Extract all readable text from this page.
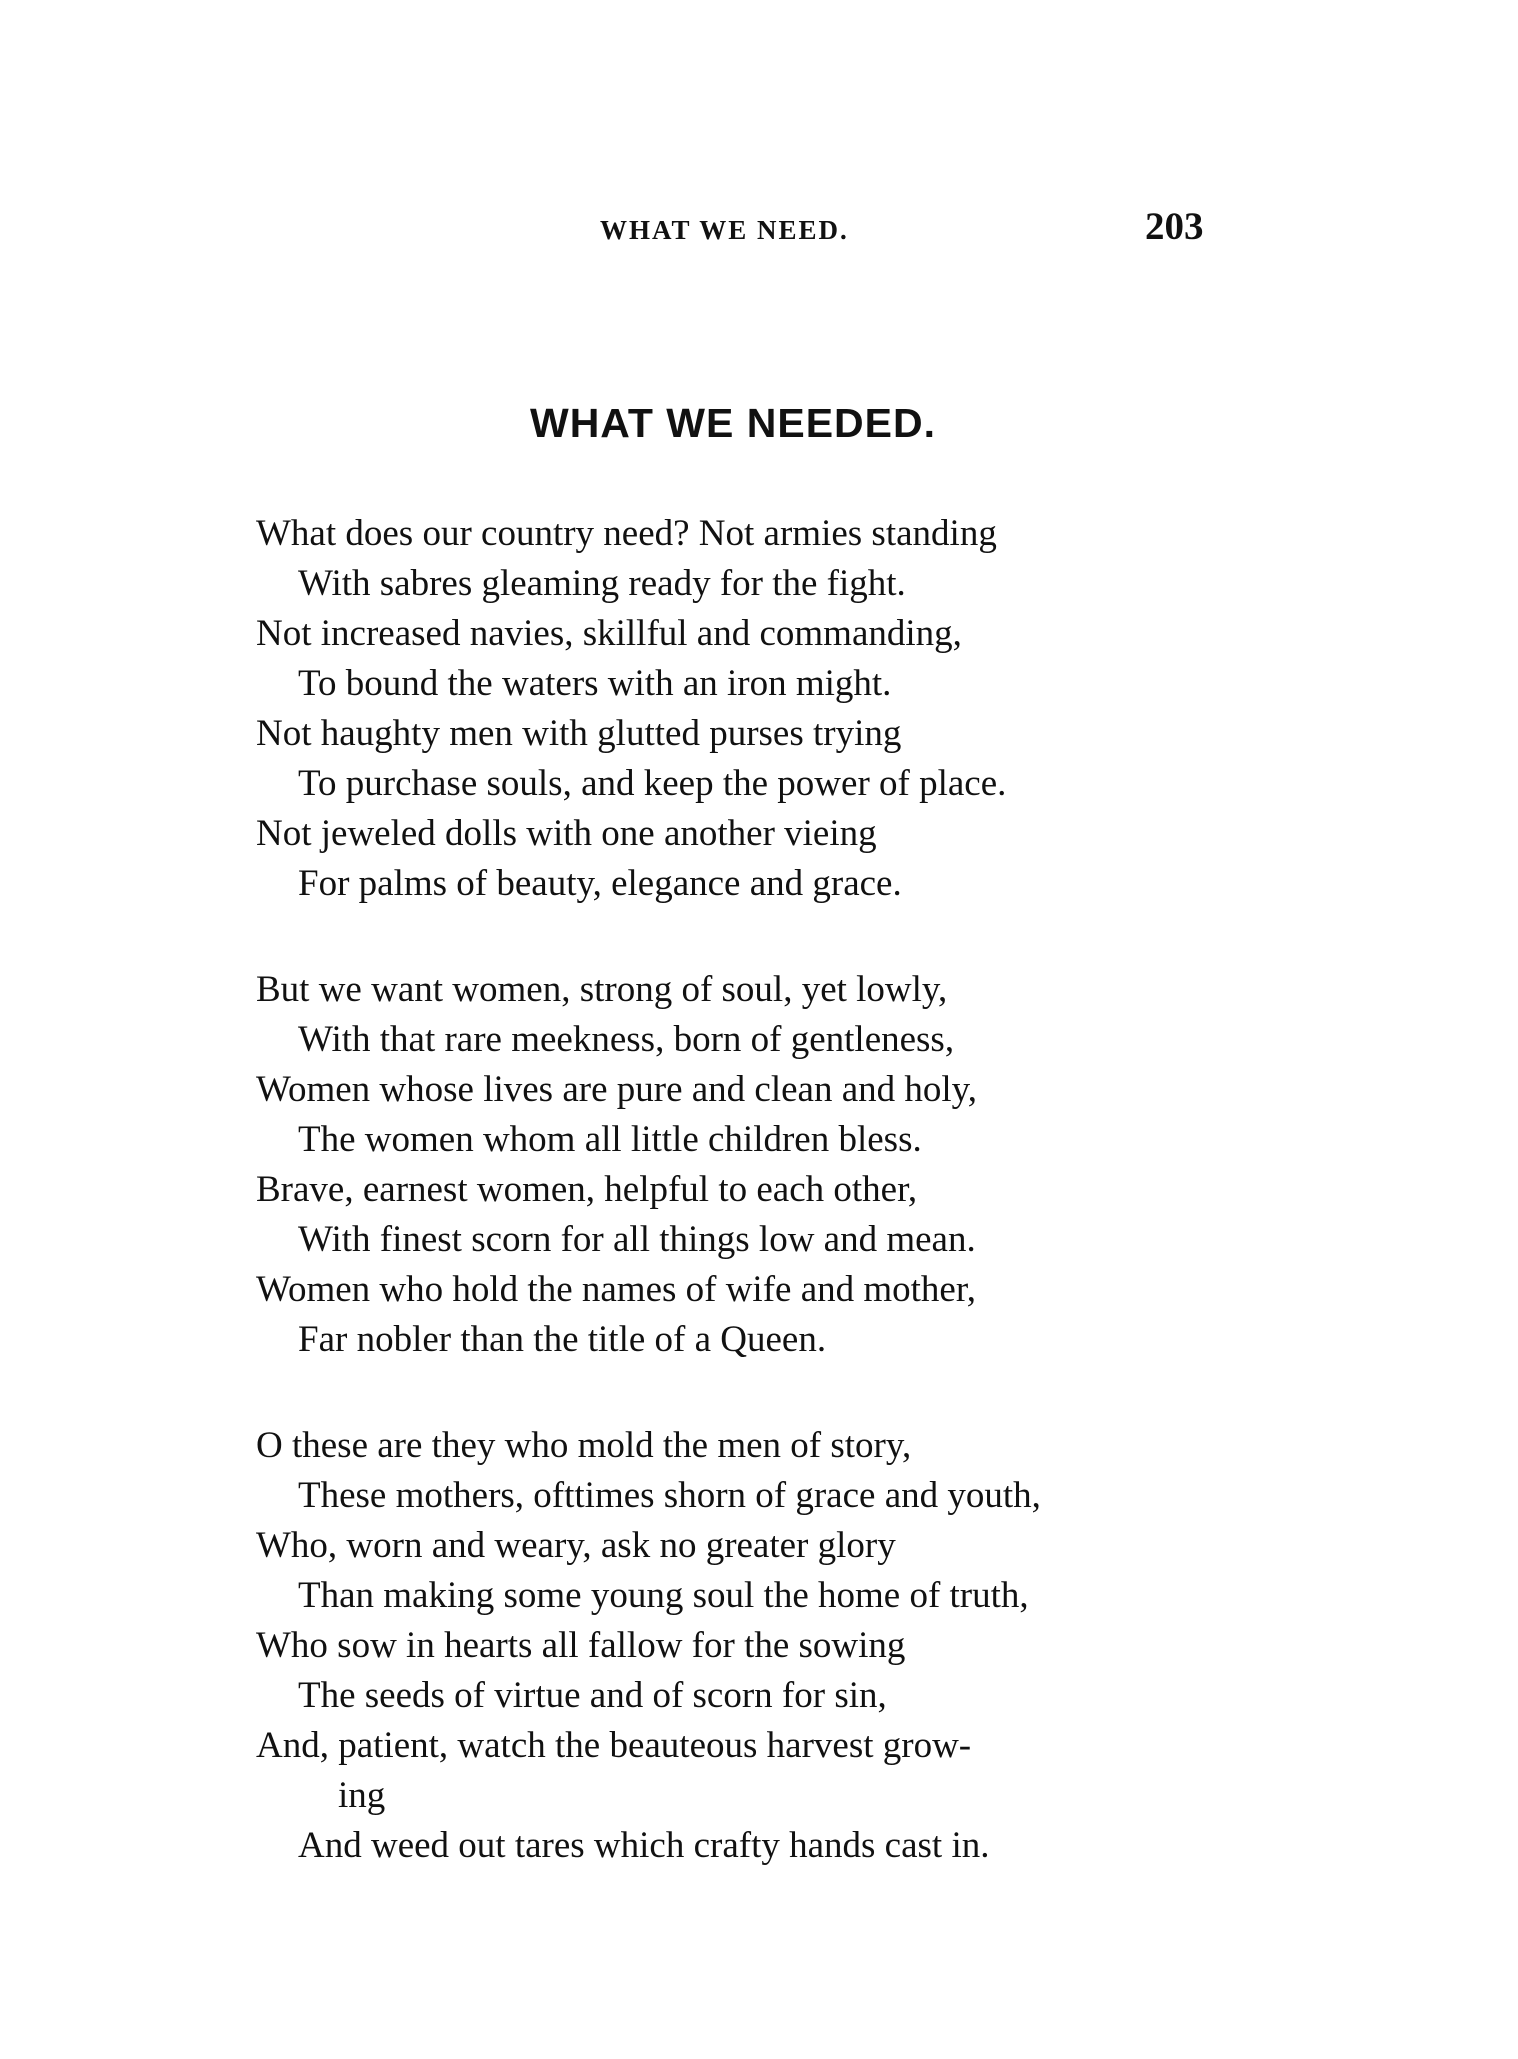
WHAT WE NEED.	203
WHAT WE NEEDED.
What does our country need? Not armies standing
With sabres gleaming ready for the fight.
Not increased navies, skillful and commanding,
To bound the waters with an iron might.
Not haughty men with glutted purses trying
To purchase souls, and keep the power of place.
Not jeweled dolls with one another vieing
For palms of beauty, elegance and grace.
But we want women, strong of soul, yet lowly,
With that rare meekness, born of gentleness,
Women whose lives are pure and clean and holy,
The women whom all little children bless.
Brave, earnest women, helpful to each other,
With finest scorn for all things low and mean.
Women who hold the names of wife and mother,
Far nobler than the title of a Queen.
O these are they who mold the men of story,
These mothers, ofttimes shorn of grace and youth,
Who, worn and weary, ask no greater glory
Than making some young soul the home of truth,
Who sow in hearts all fallow for the sowing
The seeds of virtue and of scorn for sin,
And, patient, watch the beauteous harvest grow-
ing
And weed out tares which crafty hands cast in.
